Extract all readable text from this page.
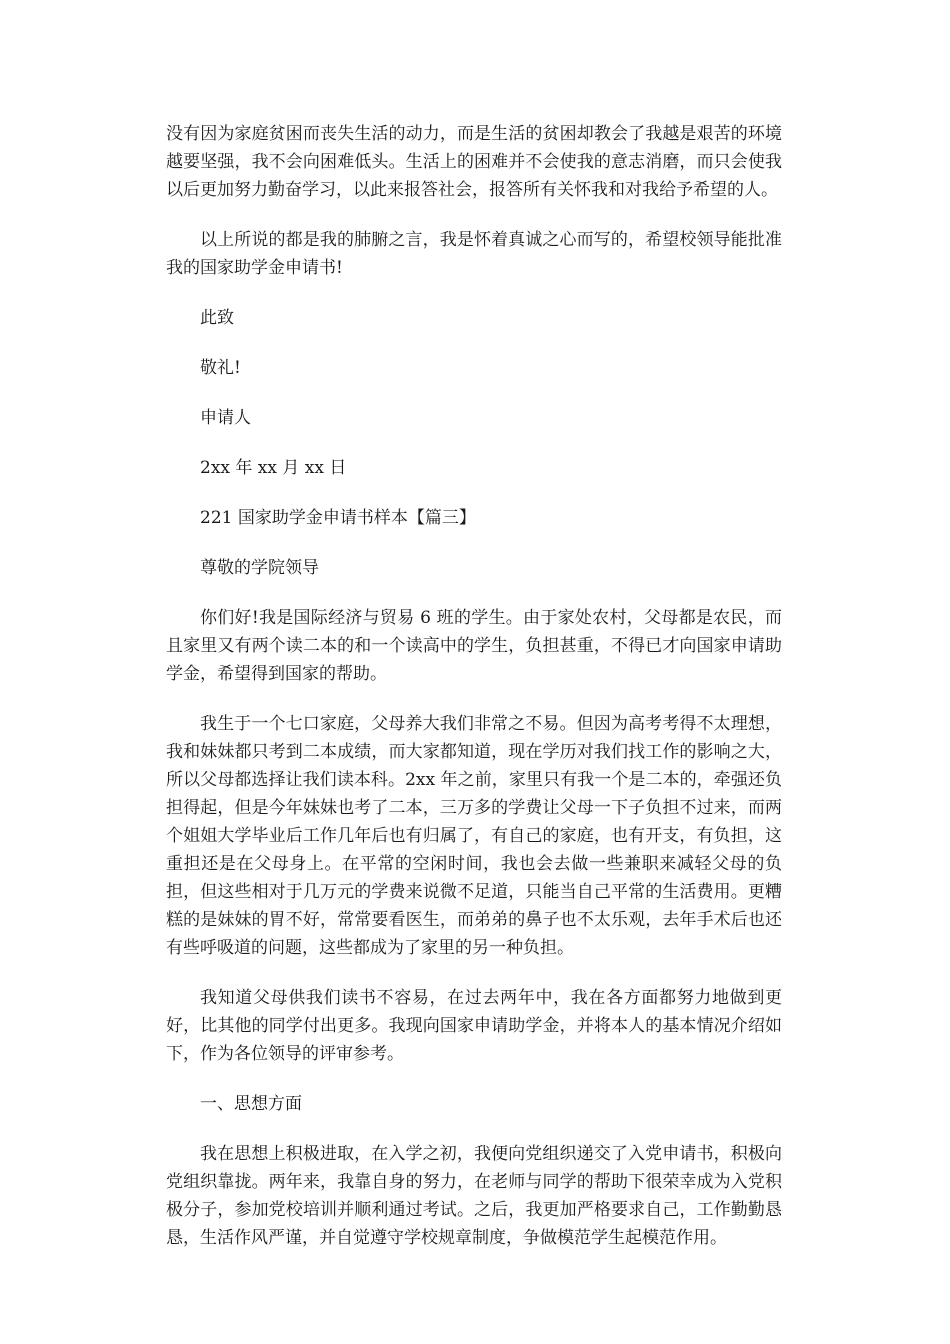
没有因为家庭贫困而丧失生活的动力，而是生活的贫困却教会了我越是艰苦的环境越要坚强，我不会向困难低头。生活上的困难并不会使我的意志消磨，而只会使我以后更加努力勤奋学习，以此来报答社会，报答所有关怀我和对我给予希望的人。

以上所说的都是我的肺腑之言，我是怀着真诚之心而写的，希望校领导能批准我的国家助学金申请书!

此致

敬礼!

申请人

2xx 年 xx 月 xx 日

221 国家助学金申请书样本【篇三】

尊敬的学院领导

你们好!我是国际经济与贸易 6 班的学生。由于家处农村，父母都是农民，而且家里又有两个读二本的和一个读高中的学生，负担甚重，不得已才向国家申请助学金，希望得到国家的帮助。

我生于一个七口家庭，父母养大我们非常之不易。但因为高考考得不太理想，我和妹妹都只考到二本成绩，而大家都知道，现在学历对我们找工作的影响之大，所以父母都选择让我们读本科。2xx 年之前，家里只有我一个是二本的，牵强还负担得起，但是今年妹妹也考了二本，三万多的学费让父母一下子负担不过来，而两个姐姐大学毕业后工作几年后也有归属了，有自己的家庭，也有开支，有负担，这重担还是在父母身上。在平常的空闲时间，我也会去做一些兼职来减轻父母的负担，但这些相对于几万元的学费来说微不足道，只能当自己平常的生活费用。更糟糕的是妹妹的胃不好，常常要看医生，而弟弟的鼻子也不太乐观，去年手术后也还有些呼吸道的问题，这些都成为了家里的另一种负担。

我知道父母供我们读书不容易，在过去两年中，我在各方面都努力地做到更好，比其他的同学付出更多。我现向国家申请助学金，并将本人的基本情况介绍如下，作为各位领导的评审参考。

一、思想方面

我在思想上积极进取，在入学之初，我便向党组织递交了入党申请书，积极向党组织靠拢。两年来，我靠自身的努力，在老师与同学的帮助下很荣幸成为入党积极分子，参加党校培训并顺利通过考试。之后，我更加严格要求自己，工作勤勤恳恳，生活作风严谨，并自觉遵守学校规章制度，争做模范学生起模范作用。
